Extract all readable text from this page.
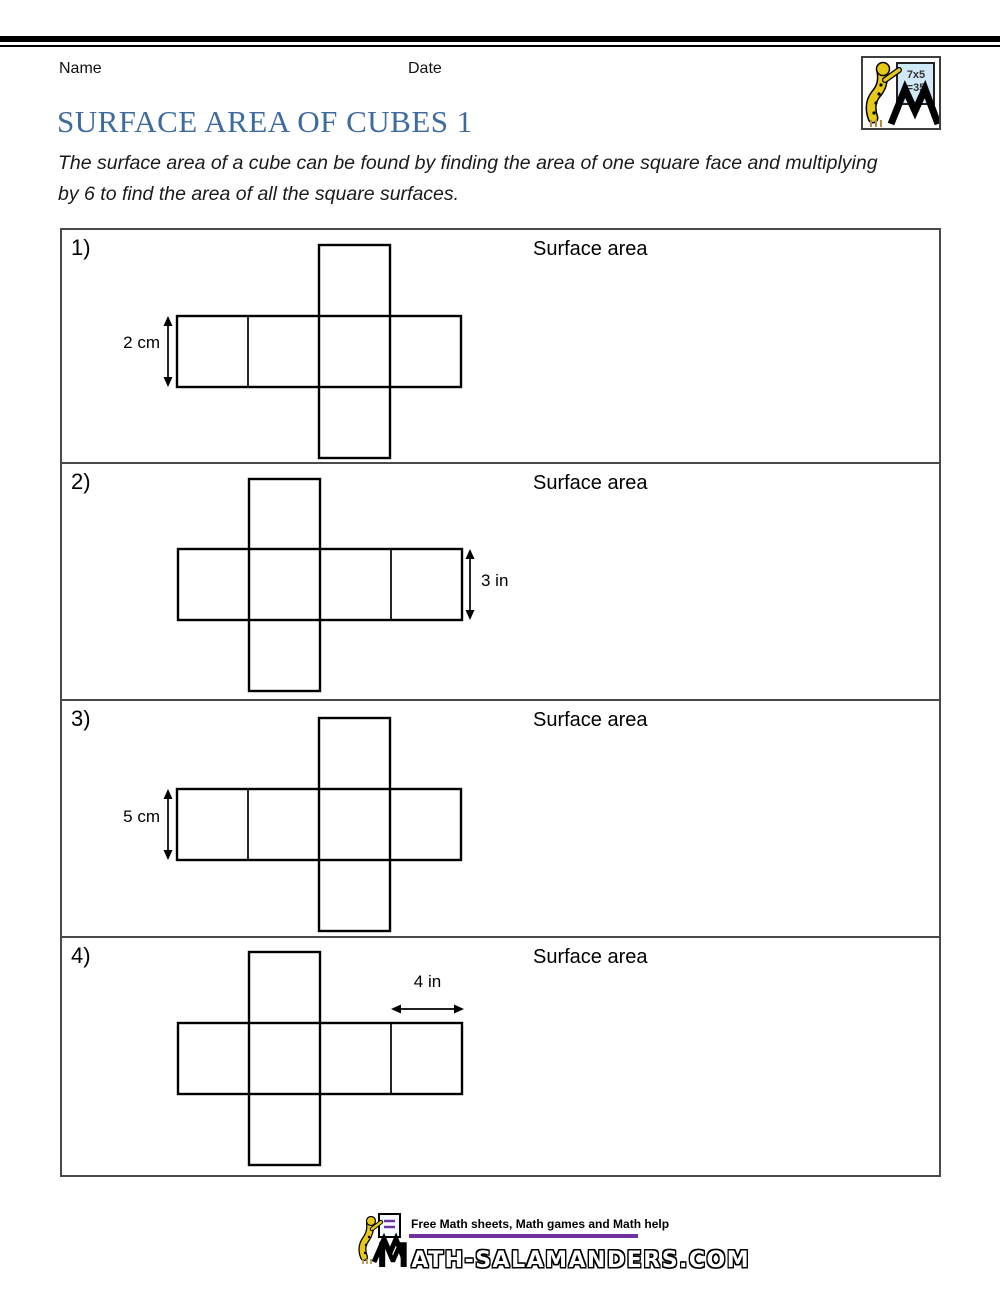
Name	Date	7x5
=35
SURFACE AREA OF CUBES 1
The surface area of a cube can be found by finding the area of one square face and multiplying
by 6 to find the area of all the square surfaces.
1)	Surface area
2 cm
2)	Surface area
3 in
3)	Surface area
5 cm
4)	Surface area
4 in
Free Math sheets, Math games and Math help
MATH-SALAMANDERS.COM
